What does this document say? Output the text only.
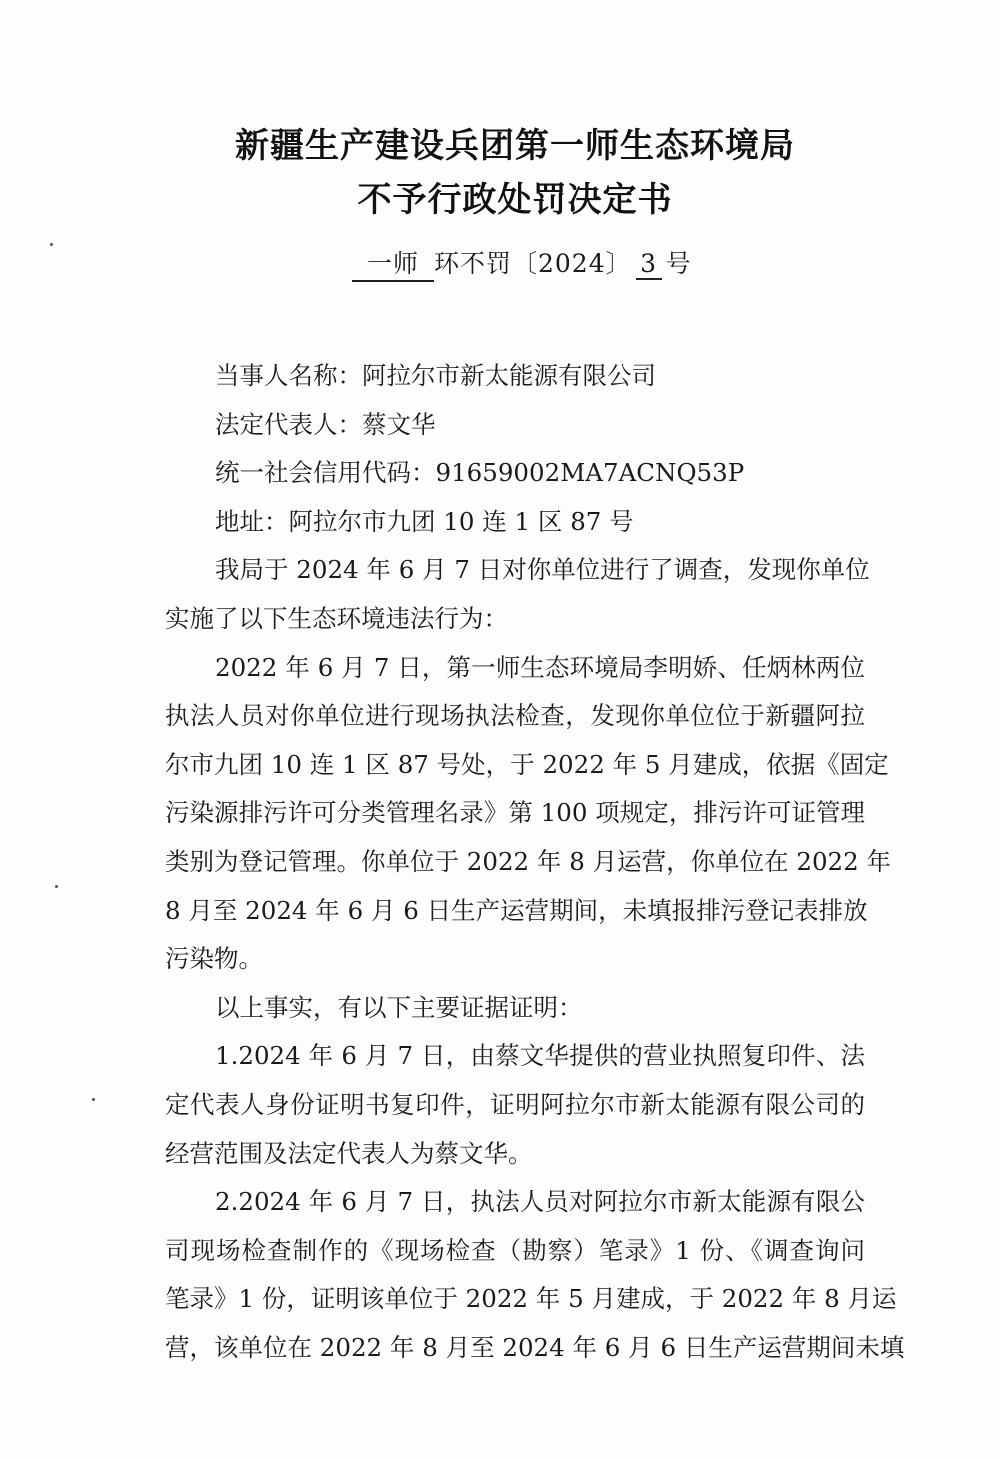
新疆生产建设兵团第一师生态环境局
不予行政处罚决定书
一师 环不罚〔2024〕 3 号
当事人名称：阿拉尔市新太能源有限公司
法定代表人：蔡文华
统一社会信用代码：91659002MA7ACNQ53P
地址：阿拉尔市九团 10 连 1 区 87 号
我局于 2024 年 6 月 7 日对你单位进行了调查，发现你单位
实施了以下生态环境违法行为：
2022 年 6 月 7 日，第一师生态环境局李明娇、任炳林两位
执法人员对你单位进行现场执法检查，发现你单位位于新疆阿拉
尔市九团 10 连 1 区 87 号处，于 2022 年 5 月建成，依据《固定
污染源排污许可分类管理名录》第 100 项规定，排污许可证管理
类别为登记管理。你单位于 2022 年 8 月运营，你单位在 2022 年
8 月至 2024 年 6 月 6 日生产运营期间，未填报排污登记表排放
污染物。
以上事实，有以下主要证据证明：
1.2024 年 6 月 7 日，由蔡文华提供的营业执照复印件、法
定代表人身份证明书复印件，证明阿拉尔市新太能源有限公司的
经营范围及法定代表人为蔡文华。
2.2024 年 6 月 7 日，执法人员对阿拉尔市新太能源有限公
司现场检查制作的《现场检查（勘察）笔录》1 份、《调查询问
笔录》1 份，证明该单位于 2022 年 5 月建成，于 2022 年 8 月运
营，该单位在 2022 年 8 月至 2024 年 6 月 6 日生产运营期间未填
